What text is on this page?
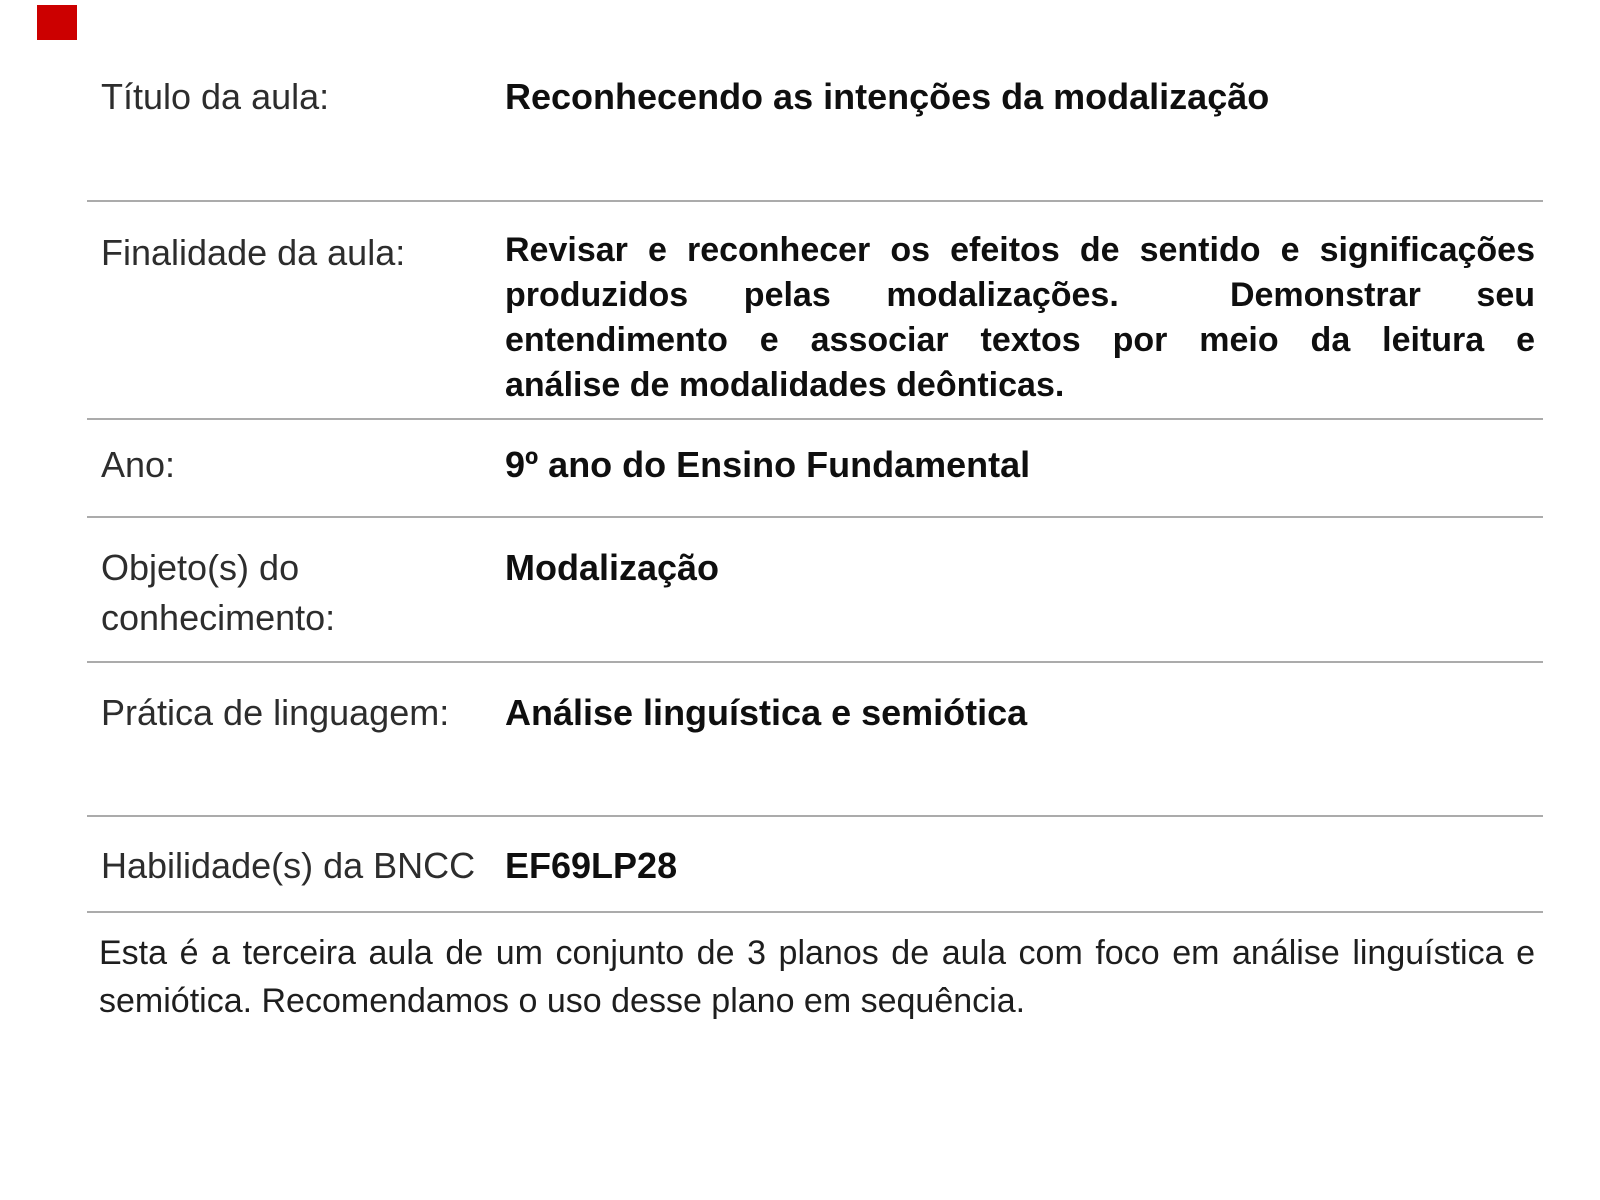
Título da aula:	Reconhecendo as intenções da modalização
Finalidade da aula:	Revisar e reconhecer os efeitos de sentido e significações
produzidos pelas modalizações.  Demonstrar seu
entendimento e associar textos por meio da leitura e
análise de modalidades deônticas.
Ano:	9º ano do Ensino Fundamental
Objeto(s) do conhecimento:
Modalização
Prática de linguagem:	Análise linguística e semiótica
Habilidade(s) da BNCC EF69LP28
Esta é a terceira aula de um conjunto de 3 planos de aula com foco em análise linguística e
semiótica. Recomendamos o uso desse plano em sequência.
